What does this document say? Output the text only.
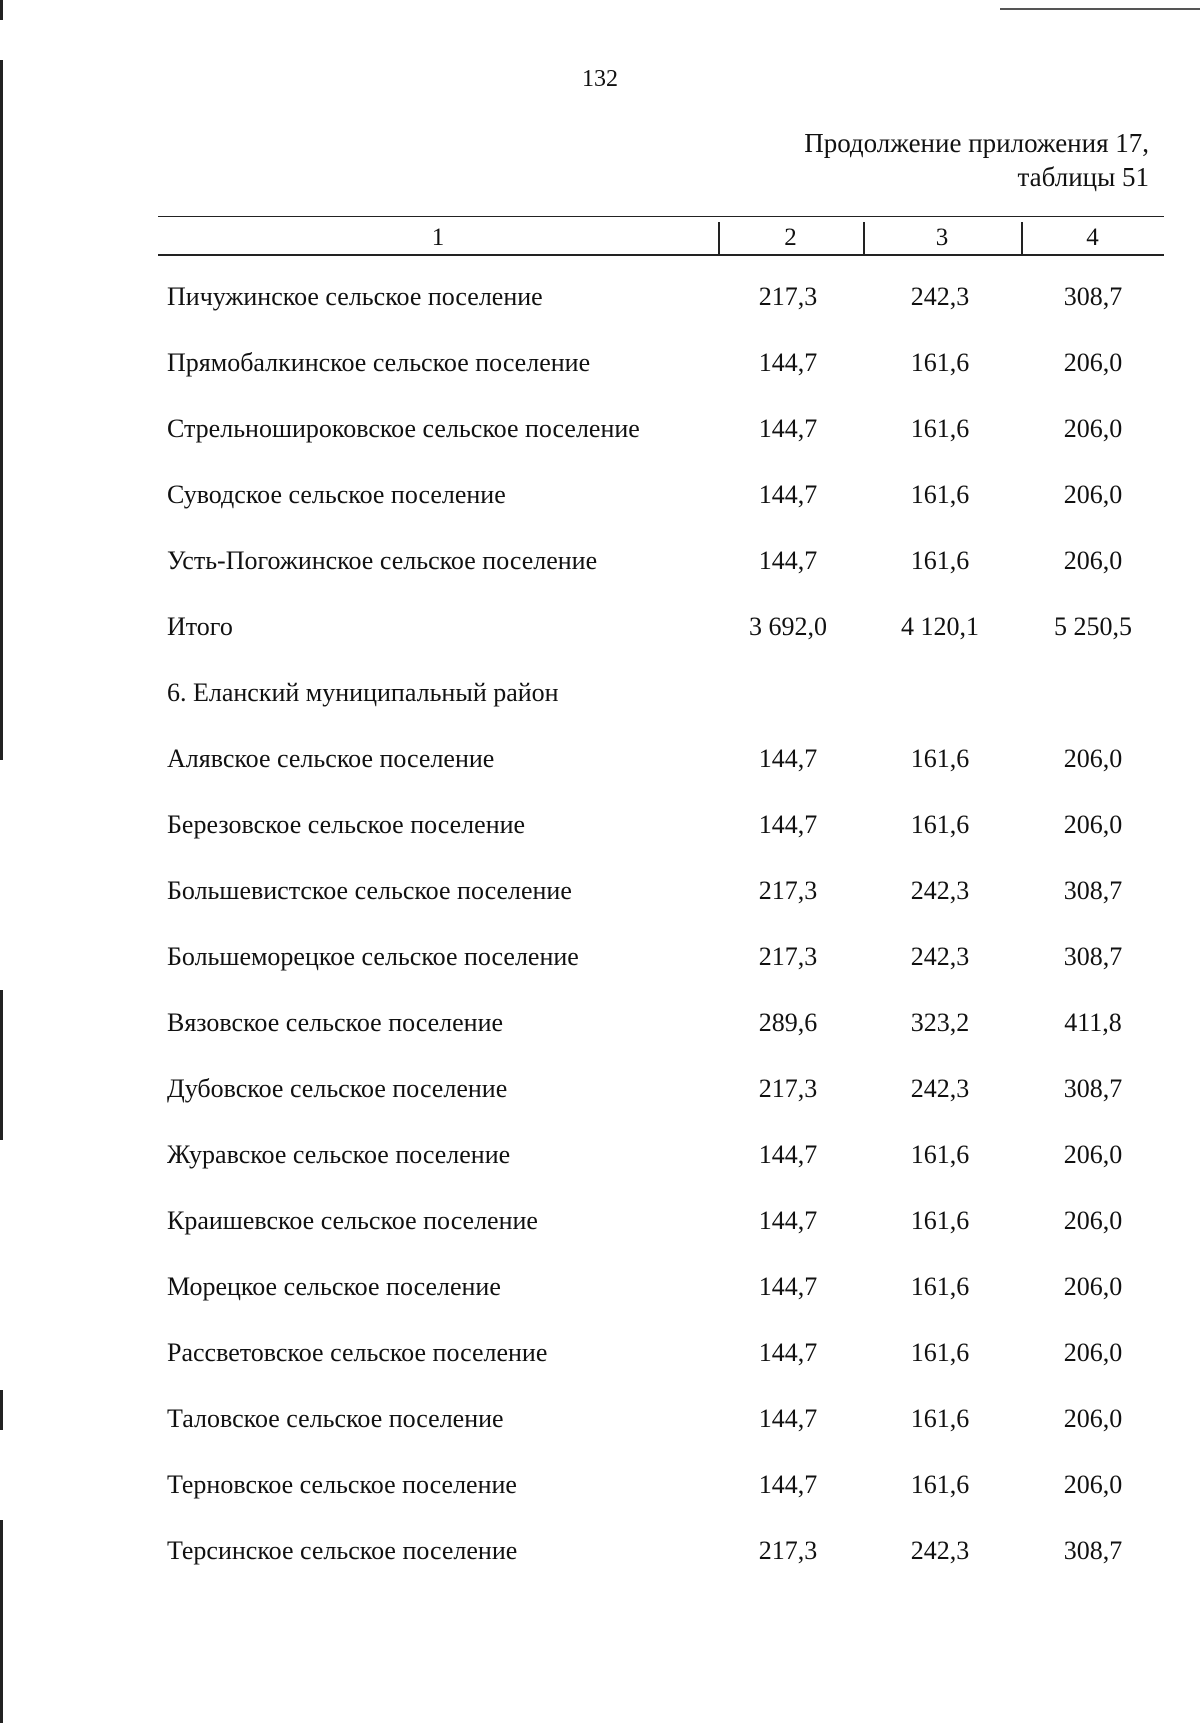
132
Продолжение приложения 17,
таблицы 51
1	2	3	4
Пичужинское сельское поселение	217,3	242,3	308,7
Прямобалкинское сельское поселение	144,7	161,6	206,0
Стрельношироковское сельское поселение	144,7	161,6	206,0
Суводское сельское поселение	144,7	161,6	206,0
Усть-Погожинское сельское поселение	144,7	161,6	206,0
Итого	3 692,0	4 120,1	5 250,5
6. Еланский муниципальный район
Алявское сельское поселение	144,7	161,6	206,0
Березовское сельское поселение	144,7	161,6	206,0
Большевистское сельское поселение	217,3	242,3	308,7
Большеморецкое сельское поселение	217,3	242,3	308,7
Вязовское сельское поселение	289,6	323,2	411,8
Дубовское сельское поселение	217,3	242,3	308,7
Журавское сельское поселение	144,7	161,6	206,0
Краишевское сельское поселение	144,7	161,6	206,0
Морецкое сельское поселение	144,7	161,6	206,0
Рассветовское сельское поселение	144,7	161,6	206,0
Таловское сельское поселение	144,7	161,6	206,0
Терновское сельское поселение	144,7	161,6	206,0
Терсинское сельское поселение	217,3	242,3	308,7
